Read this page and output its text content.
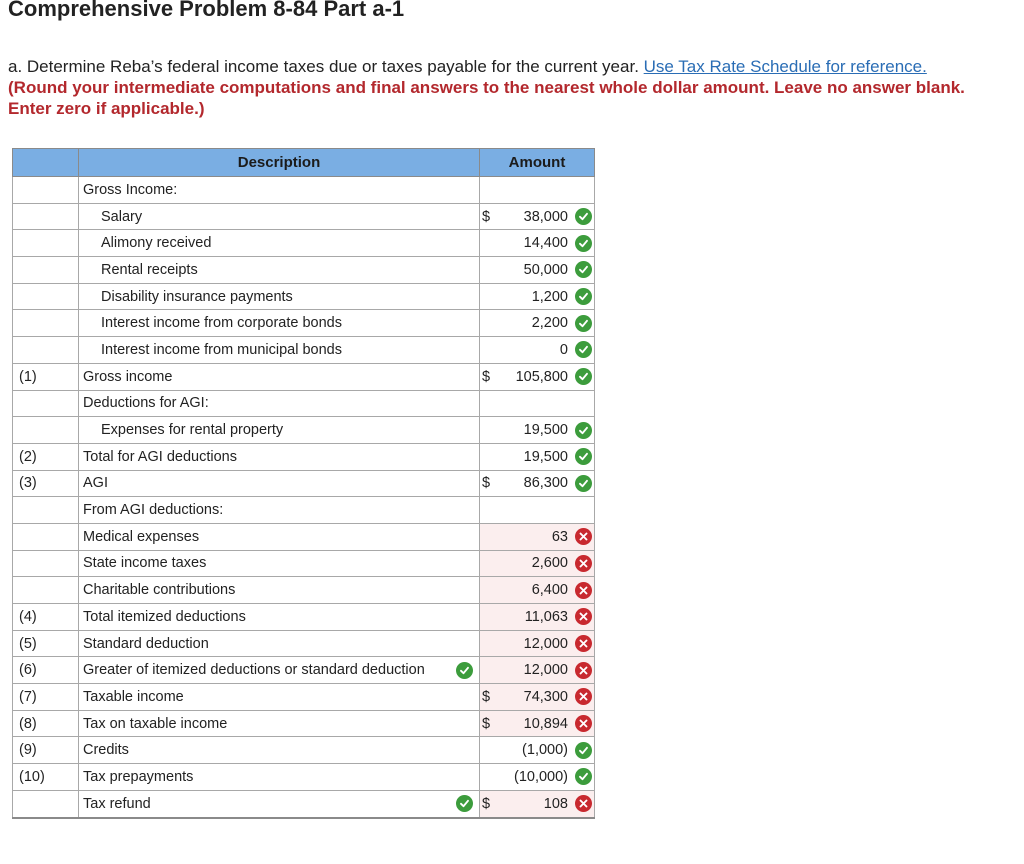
Comprehensive Problem 8-84 Part a-1
a. Determine Reba’s federal income taxes due or taxes payable for the current year. Use Tax Rate Schedule for reference.
(Round your intermediate computations and final answers to the nearest whole dollar amount. Leave no answer blank. Enter zero if applicable.)
	Description	Amount

	Gross Income:	

	Salary	$ 38,000

	Alimony received	14,400

	Rental receipts	50,000

	Disability insurance payments	1,200

	Interest income from corporate bonds	2,200

	Interest income from municipal bonds	0

(1)	Gross income	$ 105,800

	Deductions for AGI:	

	Expenses for rental property	19,500

(2)	Total for AGI deductions	19,500

(3)	AGI	$ 86,300

	From AGI deductions:	

	Medical expenses	63

	State income taxes	2,600

	Charitable contributions	6,400

(4)	Total itemized deductions	11,063

(5)	Standard deduction	12,000

(6)	Greater of itemized deductions or standard deduction	12,000

(7)	Taxable income	$ 74,300

(8)	Tax on taxable income	$ 10,894

(9)	Credits	(1,000)

(10)	Tax prepayments	(10,000)

	Tax refund	$ 108
